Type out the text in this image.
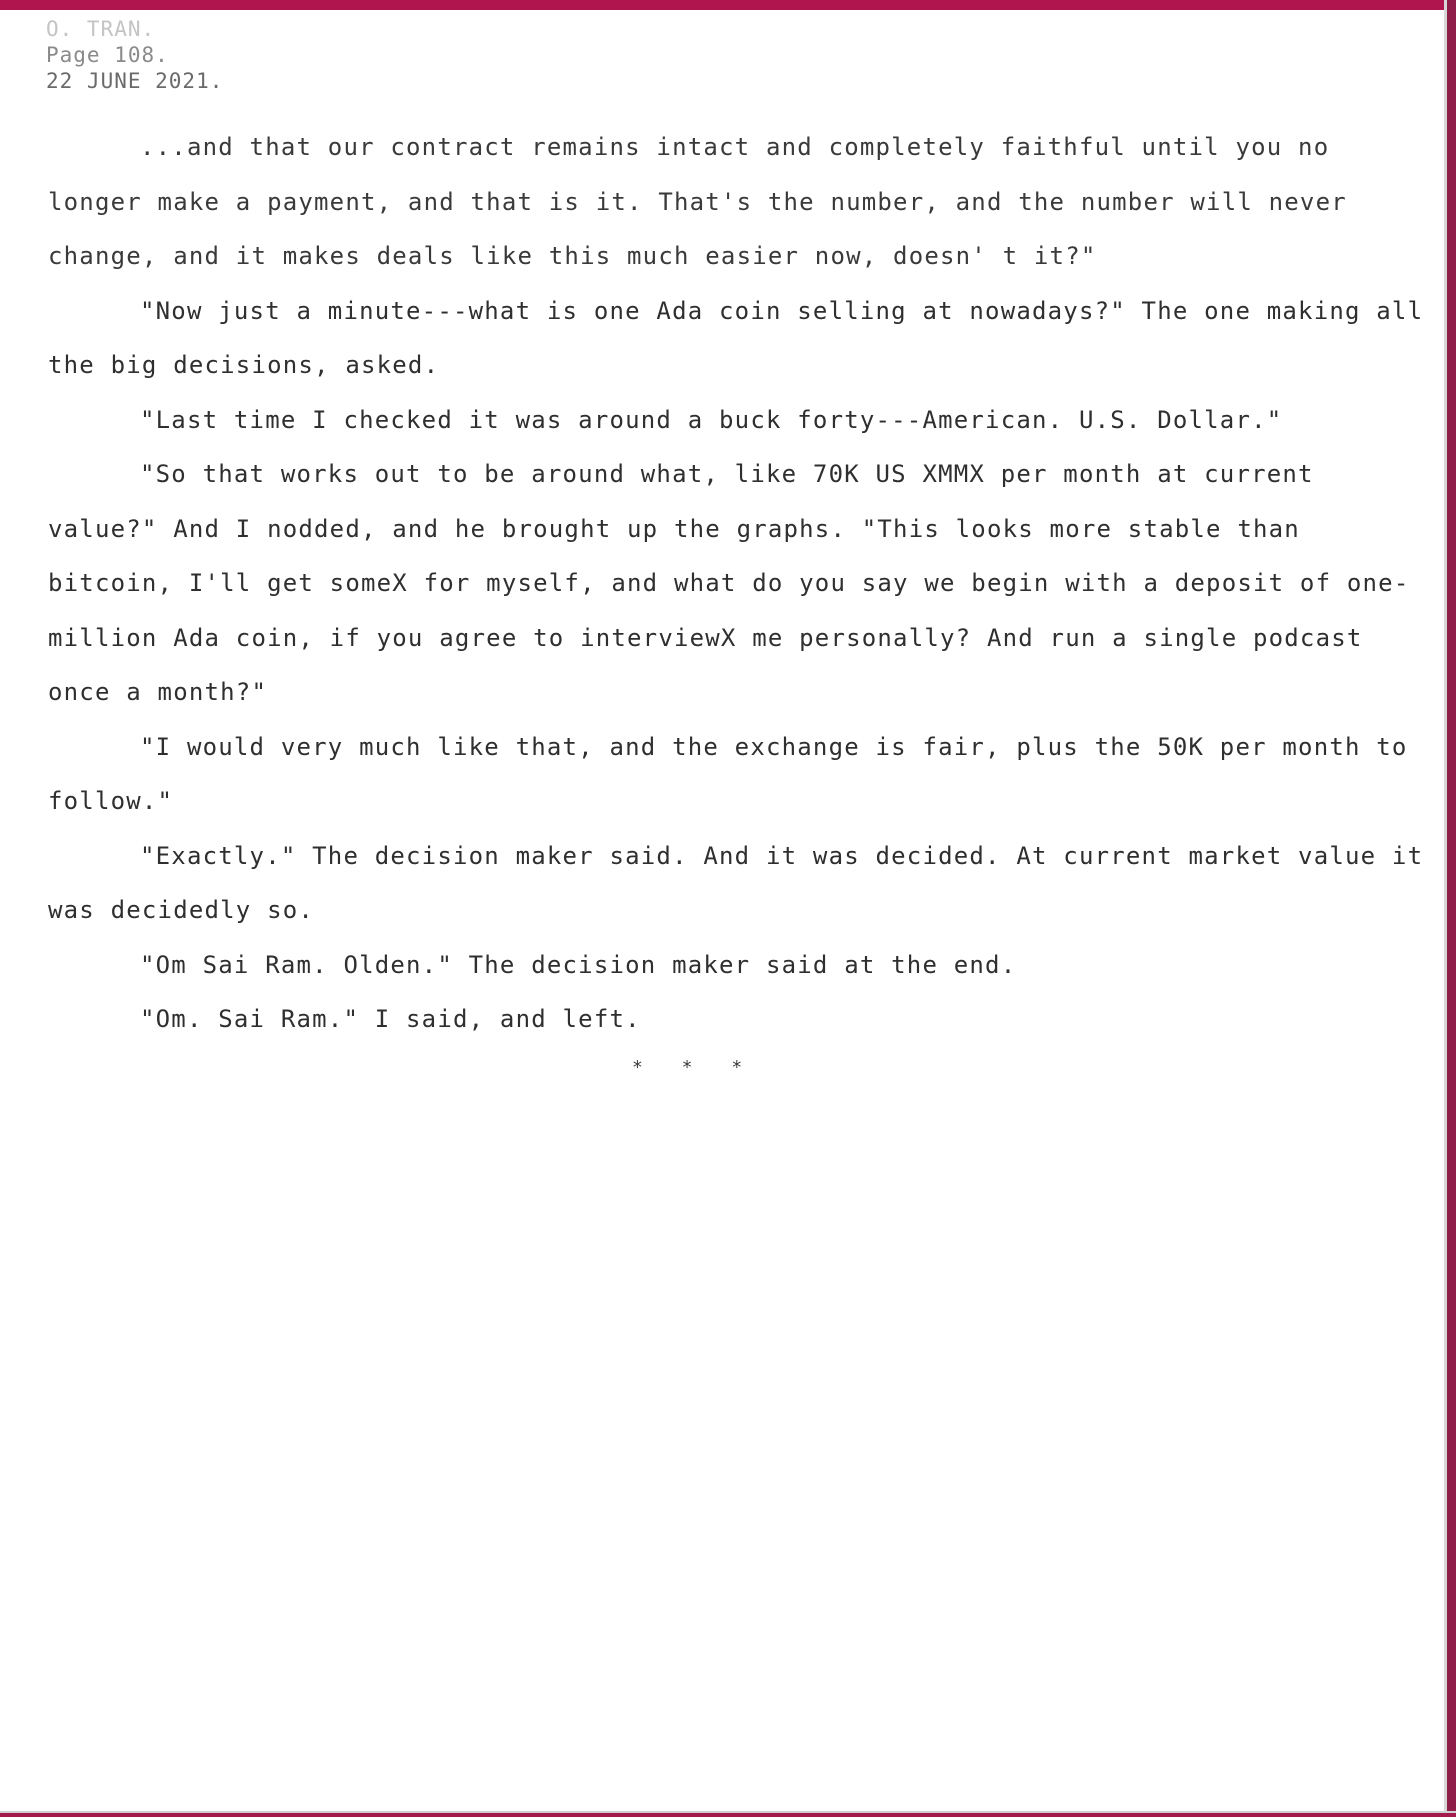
O. TRAN.
Page 108.
22 JUNE 2021.

...and that our contract remains intact and completely faithful until you no longer make a payment, and that is it. That's the number, and the number will never change, and it makes deals like this much easier now, doesn' t it?"

"Now just a minute---what is one Ada coin selling at nowadays?" The one making all the big decisions, asked.

"Last time I checked it was around a buck forty---American. U.S. Dollar."

"So that works out to be around what, like 70K US XMMX per month at current value?" And I nodded, and he brought up the graphs. "This looks more stable than bitcoin, I'll get someX for myself, and what do you say we begin with a deposit of one-million Ada coin, if you agree to interviewX me personally? And run a single podcast once a month?"

"I would very much like that, and the exchange is fair, plus the 50K per month to follow."

"Exactly." The decision maker said. And it was decided. At current market value it was decidedly so.

"Om Sai Ram. Olden." The decision maker said at the end.

"Om. Sai Ram." I said, and left.

* * *
